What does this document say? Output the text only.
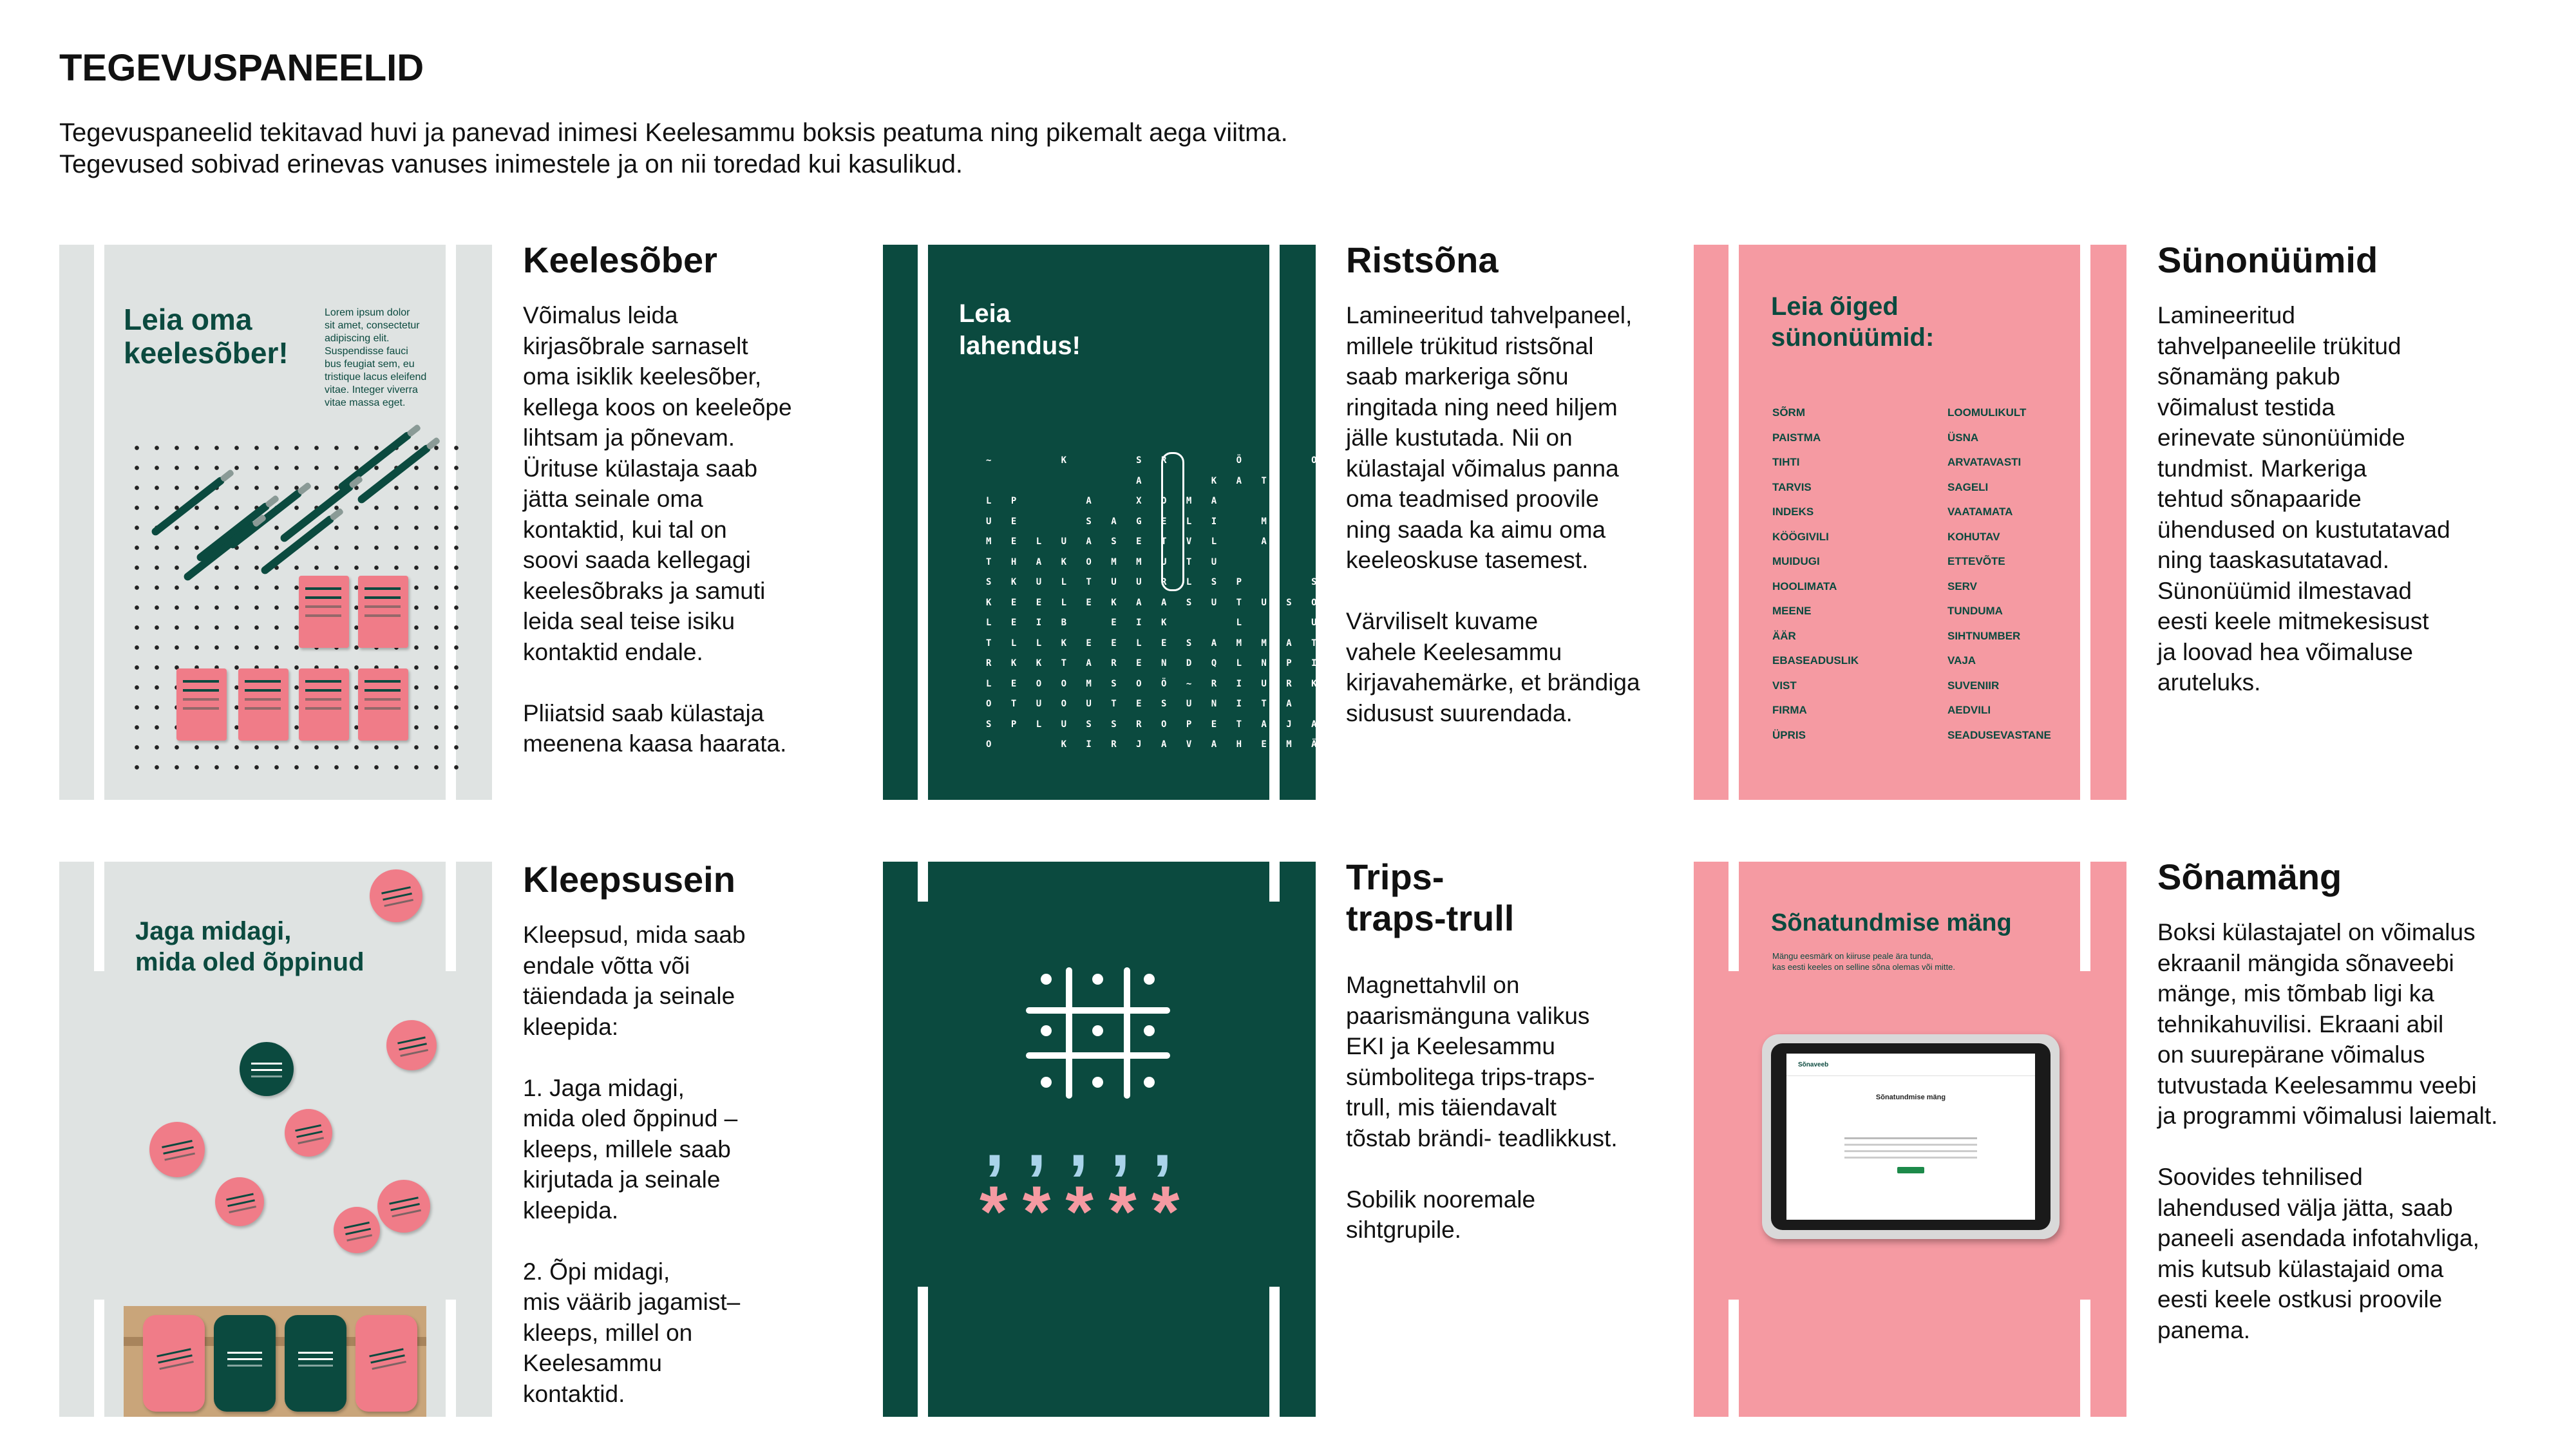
TEGEVUSPANEELID
Tegevuspaneelid tekitavad huvi ja panevad inimesi Keelesammu boksis peatuma ning pikemalt aega viitma.
Tegevused sobivad erinevas vanuses inimestele ja on nii toredad kui kasulikud.
Leia oma
keelesõber!
Lorem ipsum dolor
sit amet, consectetur
adipiscing elit.
Suspendisse fauci
bus feugiat sem, eu
tristique lacus eleifend
vitae. Integer viverra
vitae massa eget.
Keelesõber
Võimalus leida
kirjasõbrale sarnaselt
oma isiklik keelesõber,
kellega koos on keeleõpe
lihtsam ja põnevam.
Ürituse külastaja saab
jätta seinale oma
kontaktid, kui tal on
soovi saada kellegagi
keelesõbraks ja samuti
leida seal teise isiku
kontaktid endale.

Pliiatsid saab külastaja
meenena kaasa haarata.
Leia
lahendus!
~     K     S R     Ö     O U
A     K A T     A     P U
L P     A   X O M A         L A     I K
U E     S A G E L I   M     I A
M E L U A S E T V L   A       M I A
T H A K O M M U T U         A     E
S K U L T U U R L S P     S     R
K E E L E K A A S U T U S O A B I
L E I B   E I K     L     U I
T L L K E E L E S A M M A T K
R K K T A R E N D Q L N P I L K
L E O O M S O Ö ~ R I U R K U
O T U O U T E S U N I T A   A
S P L U S S R O P E T A J A
O     K I R J A V A H E M Ä R K
Ristsõna
Lamineeritud tahvelpaneel,
millele trükitud ristsõnal
saab markeriga sõnu
ringitada ning need hiljem
jälle kustutada. Nii on
külastajal võimalus panna
oma teadmised proovile
ning saada ka aimu oma
keeleoskuse tasemest.

Värviliselt kuvame
vahele Keelesammu
kirjavahemärke, et brändiga
sidusust suurendada.
Leia õiged
sünonüümid:
SÕRM
PAISTMA
TIHTI
TARVIS
INDEKS
KÖÖGIVILI
MUIDUGI
HOOLIMATA
MEENE
ÄÄR
EBASEADUSLIK
VIST
FIRMA
ÜPRIS
LOOMULIKULT
ÜSNA
ARVATAVASTI
SAGELI
VAATAMATA
KOHUTAV
ETTEVÕTE
SERV
TUNDUMA
SIHTNUMBER
VAJA
SUVENIIR
AEDVILI
SEADUSEVASTANE
Sünonüümid
Lamineeritud
tahvelpaneelile trükitud
sõnamäng pakub
võimalust testida
erinevate sünonüümide
tundmist. Markeriga
tehtud sõnapaaride
ühendused on kustutatavad
ning taaskasutatavad.
Sünonüümid ilmestavad
eesti keele mitmekesisust
ja loovad hea võimaluse
aruteluks.
Jaga midagi,
mida oled õppinud
Kleepsusein
Kleepsud, mida saab
endale võtta või
täiendada ja seinale
kleepida:

1. Jaga midagi,
mida oled õppinud –
kleeps, millele saab
kirjutada ja seinale
kleepida.

2. Õpi midagi,
mis väärib jagamist–
kleeps, millel on
Keelesammu
kontaktid.
, , , , ,
* * * * *
Trips-
traps-trull
Magnettahvlil on
paarismänguna valikus
EKI ja Keelesammu
sümbolitega trips-traps-
trull, mis täiendavalt
tõstab brändi- teadlikkust.

Sobilik nooremale
sihtgrupile.
Sõnatundmise mäng
Mängu eesmärk on kiiruse peale ära tunda,
kas eesti keeles on selline sõna olemas või mitte.
Sõnaveeb
Sõnatundmise mäng
Sõnamäng
Boksi külastajatel on võimalus
ekraanil mängida sõnaveebi
mänge, mis tõmbab ligi ka
tehnikahuvilisi. Ekraani abil
on suurepärane võimalus
tutvustada Keelesammu veebi
ja programmi võimalusi laiemalt.

Soovides tehnilised
lahendused välja jätta, saab
paneeli asendada infotahvliga,
mis kutsub külastajaid oma
eesti keele ostkusi proovile
panema.
